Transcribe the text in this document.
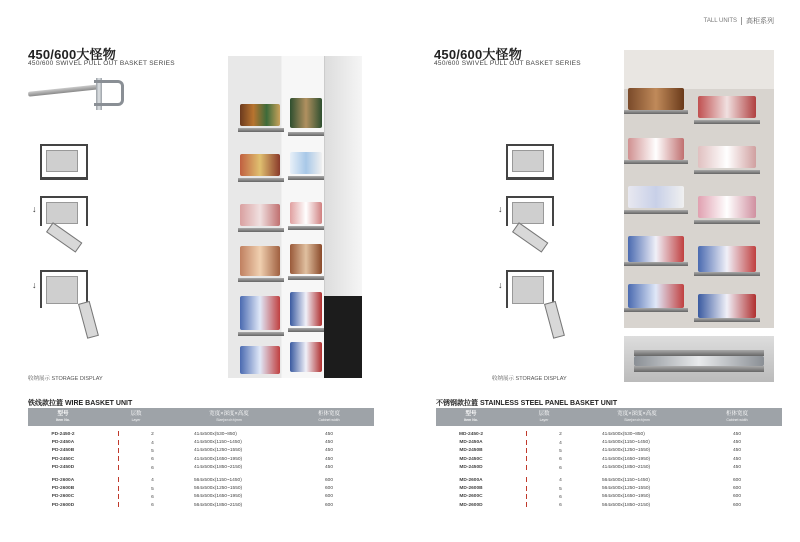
TALL UNITS 高柜系列
450/600大怪物
450/600 SWIVEL PULL OUT BASKET SERIES
↓
↓
收纳展示 STORAGE DISPLAY
铁线款拉篮 WIRE BASKET UNIT
型号
Item No.
层数
Layer
宽度×深度×高度
Size(w×d×h)mm
柜体宽度
Cabinet width
PD-2450-2	2	414x500x(530~850)	450
PD-2450A	4	414x500x(1150~1450)	450
PD-2450B	5	414x500x(1250~1550)	450
PD-2450C	6	414x500x(1650~1950)	450
PD-2450D	6	414x500x(1850~2150)	450
PD-2600A	4	564x500x(1150~1450)	600
PD-2600B	5	564x500x(1250~1550)	600
PD-2600C	6	564x500x(1650~1950)	600
PD-2600D	6	564x500x(1850~2150)	600
450/600大怪物
450/600 SWIVEL PULL OUT BASKET SERIES
↓
↓
收纳展示 STORAGE DISPLAY
不锈钢款拉篮 STAINLESS STEEL PANEL BASKET UNIT
型号
Item No.
层数
Layer
宽度×深度×高度
Size(w×d×h)mm
柜体宽度
Cabinet width
MD-2450-2	2	414x500x(530~850)	450
MD-2450A	4	414x500x(1150~1450)	450
MD-2450B	5	414x500x(1250~1550)	450
MD-2450C	6	414x500x(1650~1950)	450
MD-2450D	6	414x500x(1850~2150)	450
MD-2600A	4	564x500x(1150~1450)	600
MD-2600B	5	564x500x(1250~1550)	600
MD-2600C	6	564x500x(1650~1950)	600
MD-2600D	6	564x500x(1850~2150)	600
